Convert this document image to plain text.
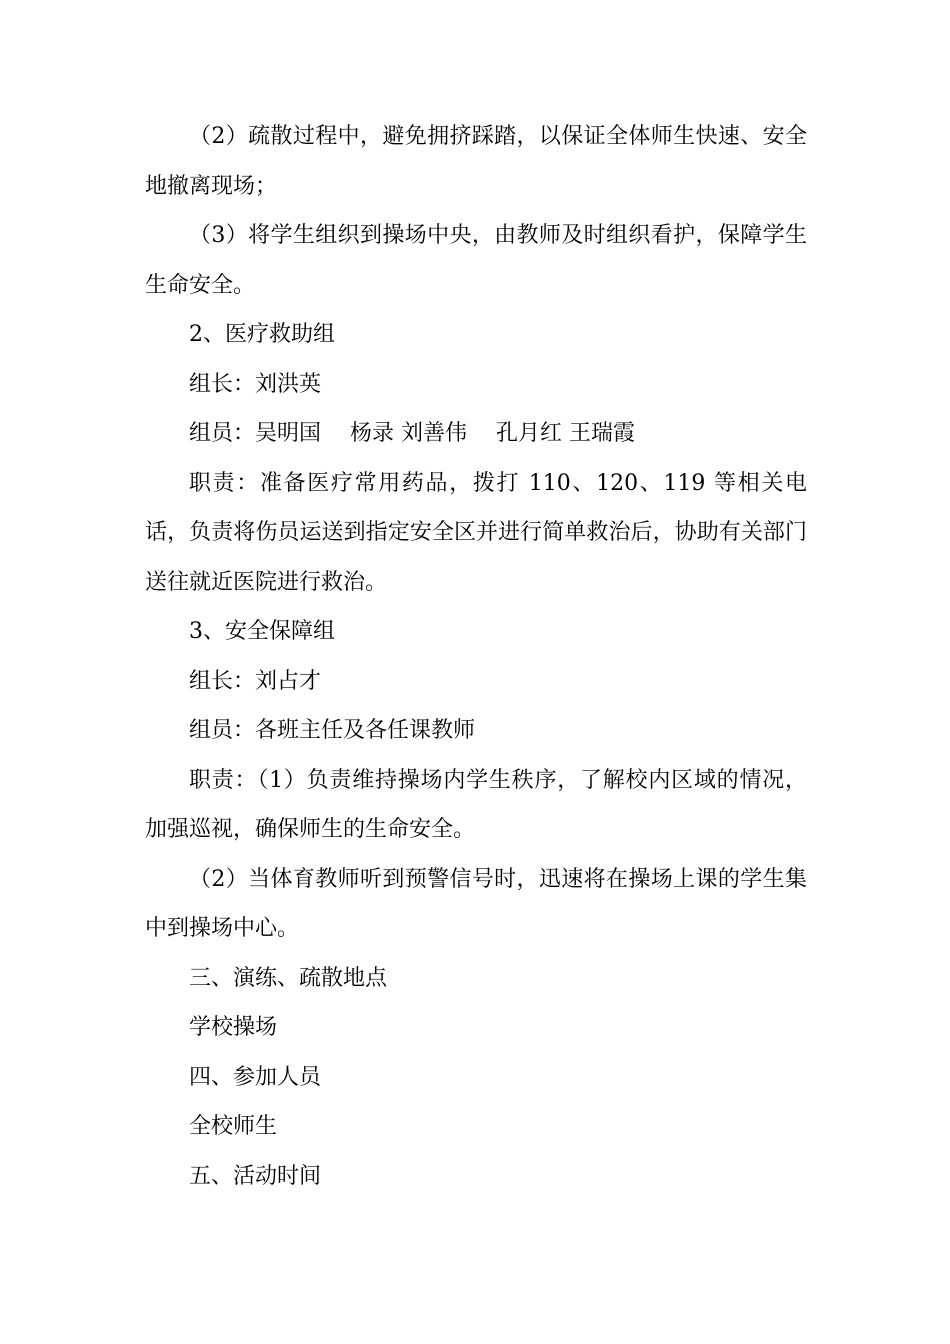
（2）疏散过程中，避免拥挤踩踏，以保证全体师生快速、安全地撤离现场；

（3）将学生组织到操场中央，由教师及时组织看护，保障学生生命安全。

2、医疗救助组

组长：刘洪英

组员：吴明国　 杨录 刘善伟　 孔月红 王瑞霞

职责：准备医疗常用药品，拨打 110、120、119 等相关电话，负责将伤员运送到指定安全区并进行简单救治后，协助有关部门送往就近医院进行救治。

3、安全保障组

组长：刘占才

组员：各班主任及各任课教师

职责：（1）负责维持操场内学生秩序，了解校内区域的情况，加强巡视，确保师生的生命安全。

（2）当体育教师听到预警信号时，迅速将在操场上课的学生集中到操场中心。

三、演练、疏散地点

学校操场

四、参加人员

全校师生

五、活动时间
